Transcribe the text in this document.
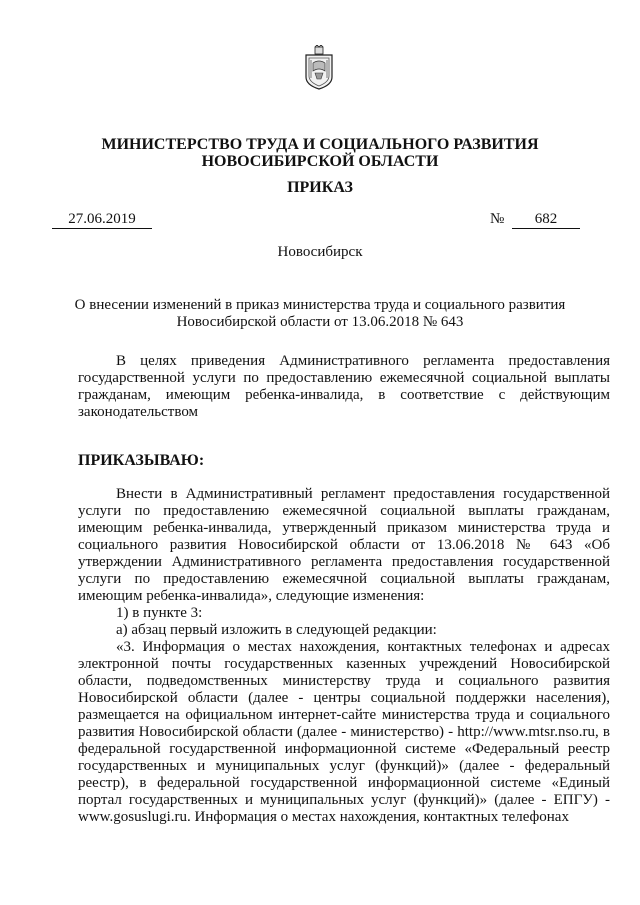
МИНИСТЕРСТВО ТРУДА И СОЦИАЛЬНОГО РАЗВИТИЯ
НОВОСИБИРСКОЙ ОБЛАСТИ
ПРИКАЗ
27.06.2019	№	682
Новосибирск
О внесении изменений в приказ министерства труда и социального развития
Новосибирской области от 13.06.2018 № 643

В целях приведения Административного регламента предоставления государственной услуги по предоставлению ежемесячной социальной выплаты гражданам, имеющим ребенка-инвалида, в соответствие с действующим законодательством

ПРИКАЗЫВАЮ:

Внести в Административный регламент предоставления государственной услуги по предоставлению ежемесячной социальной выплаты гражданам, имеющим ребенка-инвалида, утвержденный приказом министерства труда и социального развития Новосибирской области от 13.06.2018 № 643 «Об утверждении Административного регламента предоставления государственной услуги по предоставлению ежемесячной социальной выплаты гражданам, имеющим ребенка-инвалида», следующие изменения:

1) в пункте 3:

а) абзац первый изложить в следующей редакции:

«3. Информация о местах нахождения, контактных телефонах и адресах электронной почты государственных казенных учреждений Новосибирской области, подведомственных министерству труда и социального развития Новосибирской области (далее - центры социальной поддержки населения), размещается на официальном интернет-сайте министерства труда и социального развития Новосибирской области (далее - министерство) - http://www.mtsr.nso.ru, в федеральной государственной информационной системе «Федеральный реестр государственных и муниципальных услуг (функций)» (далее - федеральный реестр), в федеральной государственной информационной системе «Единый портал государственных и муниципальных услуг (функций)» (далее - ЕПГУ) - www.gosuslugi.ru. Информация о местах нахождения, контактных телефонах
